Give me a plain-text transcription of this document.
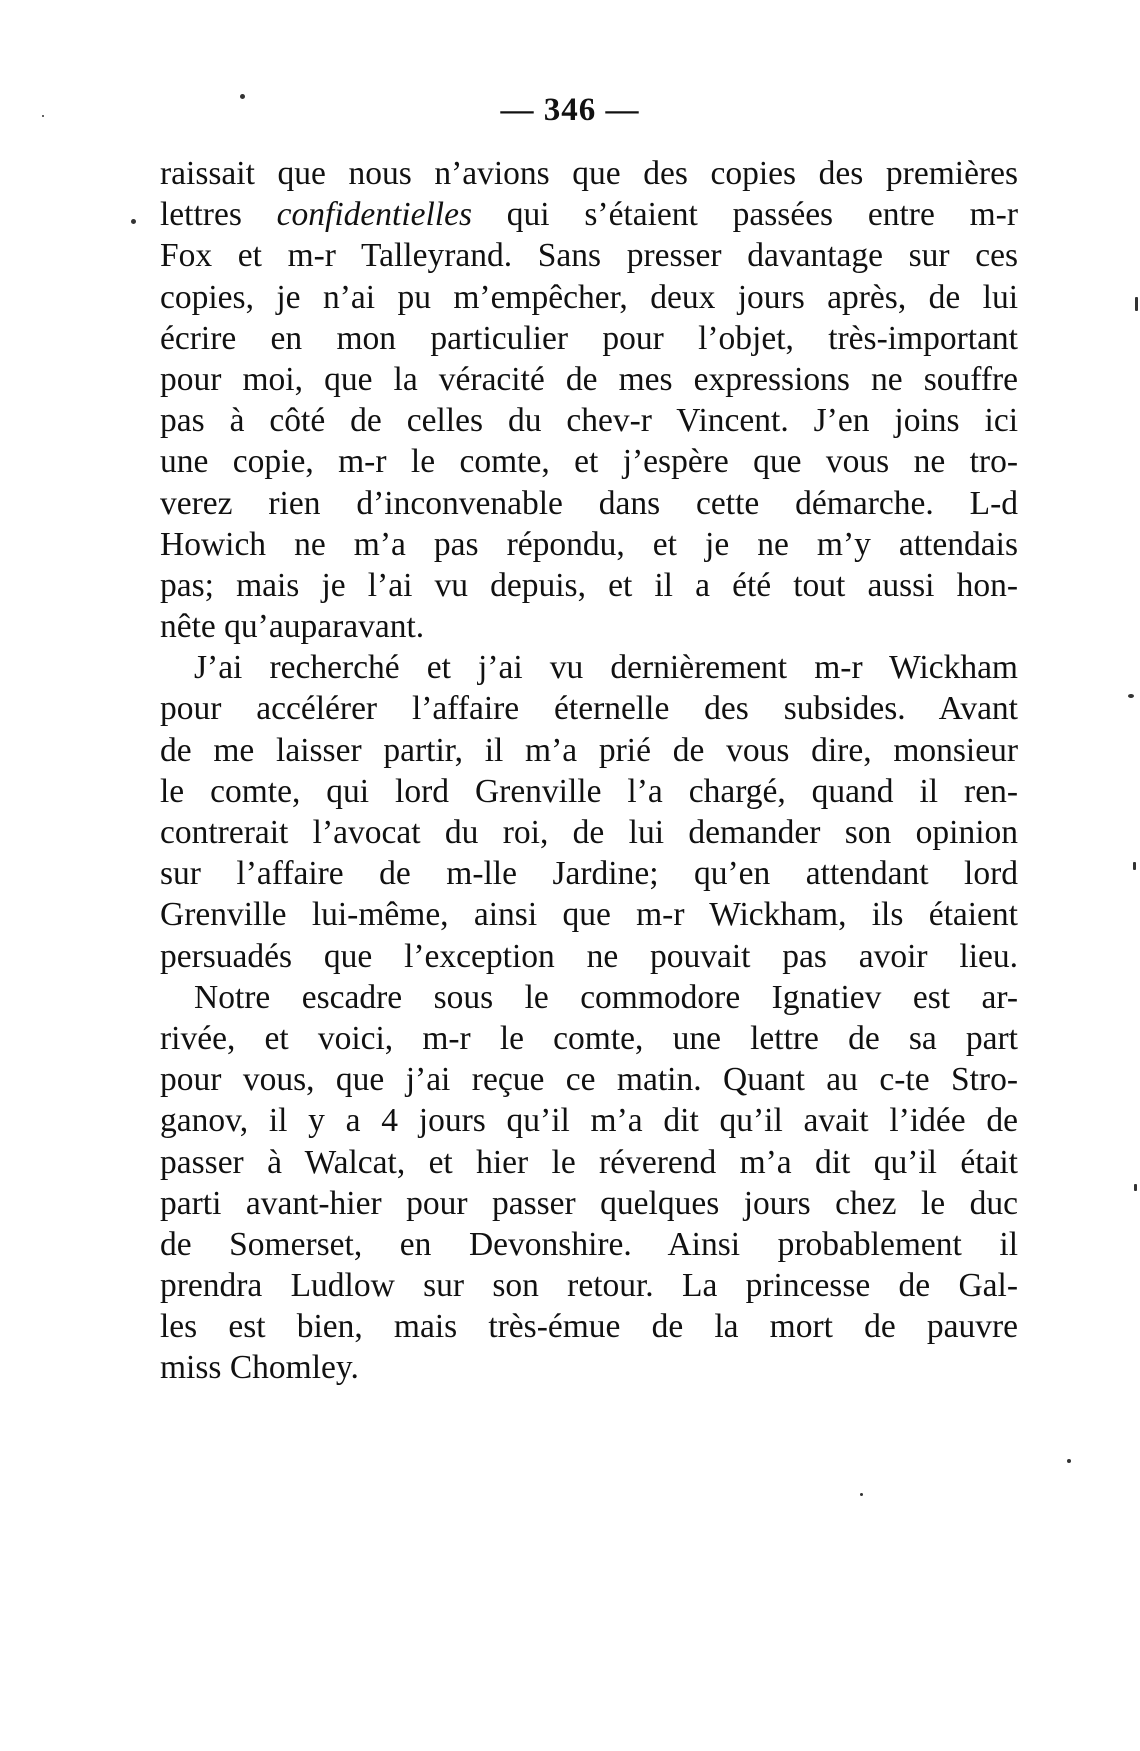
— 346 —
raissait que nous n’avions que des copies des premières
lettres confidentielles qui s’étaient passées entre m-r
Fox et m-r Talleyrand. Sans presser davantage sur ces
copies, je n’ai pu m’empêcher, deux jours après, de lui
écrire en mon particulier pour l’objet, très-important
pour moi, que la véracité de mes expressions ne souffre
pas à côté de celles du chev-r Vincent. J’en joins ici
une copie, m-r le comte, et j’espère que vous ne tro-
verez rien d’inconvenable dans cette démarche. L-d
Howich ne m’a pas répondu, et je ne m’y attendais
pas; mais je l’ai vu depuis, et il a été tout aussi hon-
nête qu’auparavant.
J’ai recherché et j’ai vu dernièrement m-r Wickham
pour accélérer l’affaire éternelle des subsides. Avant
de me laisser partir, il m’a prié de vous dire, monsieur
le comte, qui lord Grenville l’a chargé, quand il ren-
contrerait l’avocat du roi, de lui demander son opinion
sur l’affaire de m-lle Jardine; qu’en attendant lord
Grenville lui-même, ainsi que m-r Wickham, ils étaient
persuadés que l’exception ne pouvait pas avoir lieu.
Notre escadre sous le commodore Ignatiev est ar-
rivée, et voici, m-r le comte, une lettre de sa part
pour vous, que j’ai reçue ce matin. Quant au c-te Stro-
ganov, il y a 4 jours qu’il m’a dit qu’il avait l’idée de
passer à Walcat, et hier le réverend m’a dit qu’il était
parti avant-hier pour passer quelques jours chez le duc
de Somerset, en Devonshire. Ainsi probablement il
prendra Ludlow sur son retour. La princesse de Gal-
les est bien, mais très-émue de la mort de pauvre
miss Chomley.
